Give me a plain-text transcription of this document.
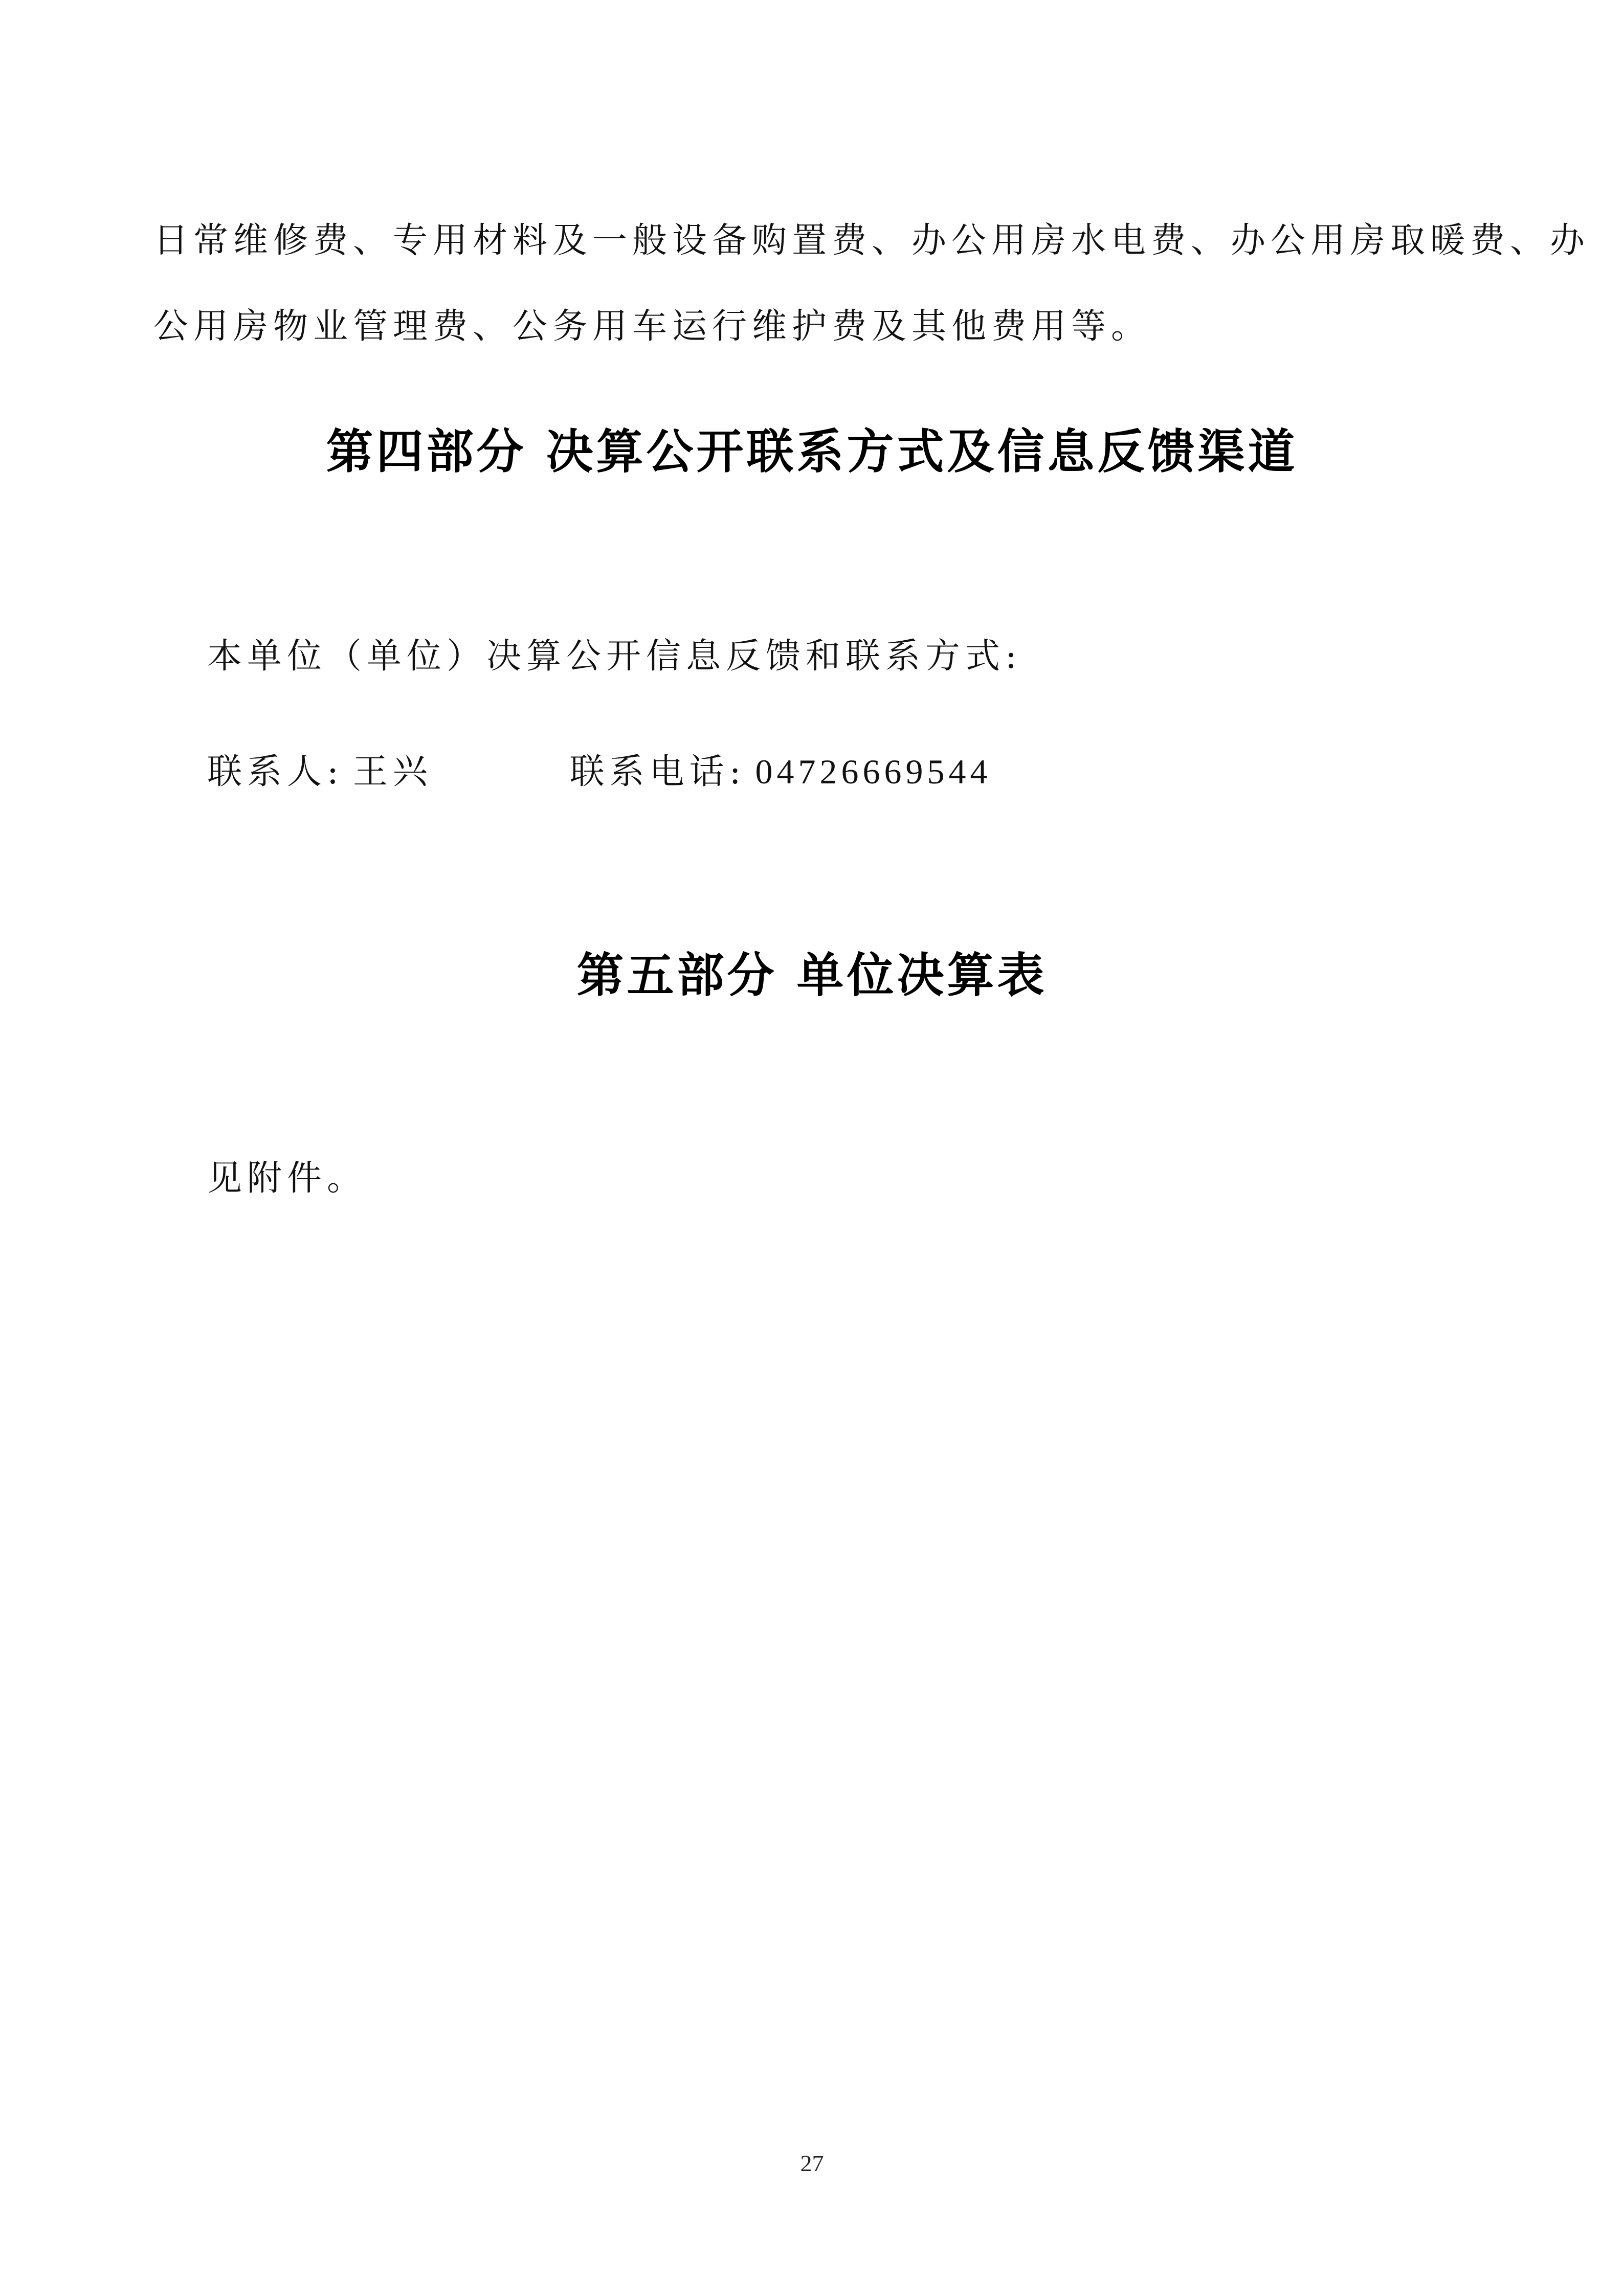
日常维修费、专用材料及一般设备购置费、办公用房水电费、办公用房取暖费、办
公用房物业管理费、公务用车运行维护费及其他费用等。
第四部分 决算公开联系方式及信息反馈渠道
本单位（单位）决算公开信息反馈和联系方式:
联系人: 王兴	联系电话: 04726669544
第五部分 单位决算表
见附件。
27
